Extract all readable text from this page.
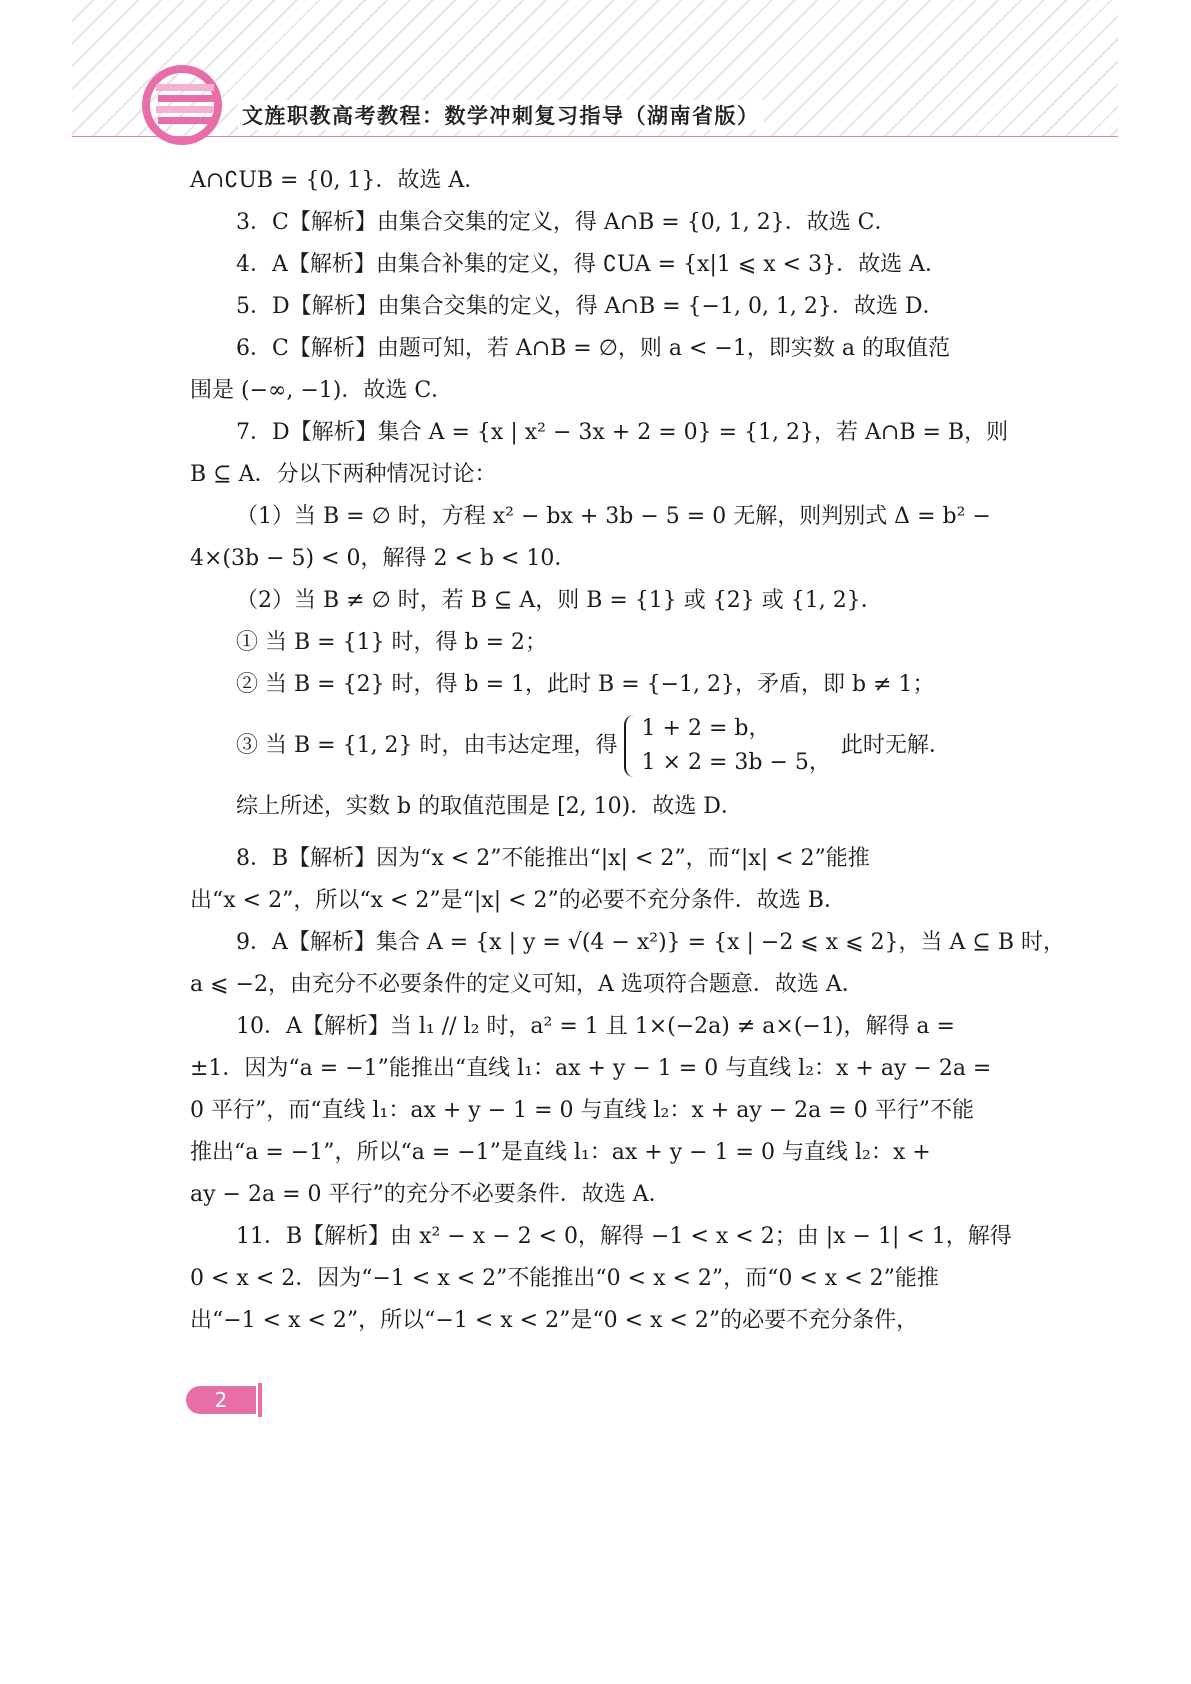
文旌职教高考教程：数学冲刺复习指导（湖南省版）

A∩∁UB = {0, 1}．故选 A．

3．C【解析】由集合交集的定义，得 A∩B = {0, 1, 2}．故选 C．

4．A【解析】由集合补集的定义，得 ∁UA = {x|1 ⩽ x < 3}．故选 A．

5．D【解析】由集合交集的定义，得 A∩B = {−1, 0, 1, 2}．故选 D．

6．C【解析】由题可知，若 A∩B = ∅，则 a < −1，即实数 a 的取值范

围是 (−∞, −1)．故选 C．

7．D【解析】集合 A = {x | x² − 3x + 2 = 0} = {1, 2}，若 A∩B = B，则

B ⊆ A．分以下两种情况讨论：

（1）当 B = ∅ 时，方程 x² − bx + 3b − 5 = 0 无解，则判别式 Δ = b² −

4×(3b − 5) < 0，解得 2 < b < 10．

（2）当 B ≠ ∅ 时，若 B ⊆ A，则 B = {1} 或 {2} 或 {1, 2}．

① 当 B = {1} 时，得 b = 2；

② 当 B = {2} 时，得 b = 1，此时 B = {−1, 2}，矛盾，即 b ≠ 1；

③ 当 B = {1, 2} 时，由韦达定理，得
1 + 2 = b，
1 × 2 = 3b − 5，
此时无解．

综上所述，实数 b 的取值范围是 [2, 10)．故选 D．

8．B【解析】因为“x < 2”不能推出“|x| < 2”，而“|x| < 2”能推

出“x < 2”，所以“x < 2”是“|x| < 2”的必要不充分条件．故选 B．

9．A【解析】集合 A = {x | y = √(4 − x²)} = {x | −2 ⩽ x ⩽ 2}，当 A ⊆ B 时，

a ⩽ −2，由充分不必要条件的定义可知，A 选项符合题意．故选 A．

10．A【解析】当 l₁ // l₂ 时，a² = 1 且 1×(−2a) ≠ a×(−1)，解得 a =

±1．因为“a = −1”能推出“直线 l₁：ax + y − 1 = 0 与直线 l₂：x + ay − 2a =

0 平行”，而“直线 l₁：ax + y − 1 = 0 与直线 l₂：x + ay − 2a = 0 平行”不能

推出“a = −1”，所以“a = −1”是直线 l₁：ax + y − 1 = 0 与直线 l₂：x +

ay − 2a = 0 平行”的充分不必要条件．故选 A．

11．B【解析】由 x² − x − 2 < 0，解得 −1 < x < 2；由 |x − 1| < 1，解得

0 < x < 2．因为“−1 < x < 2”不能推出“0 < x < 2”，而“0 < x < 2”能推

出“−1 < x < 2”，所以“−1 < x < 2”是“0 < x < 2”的必要不充分条件，

2
